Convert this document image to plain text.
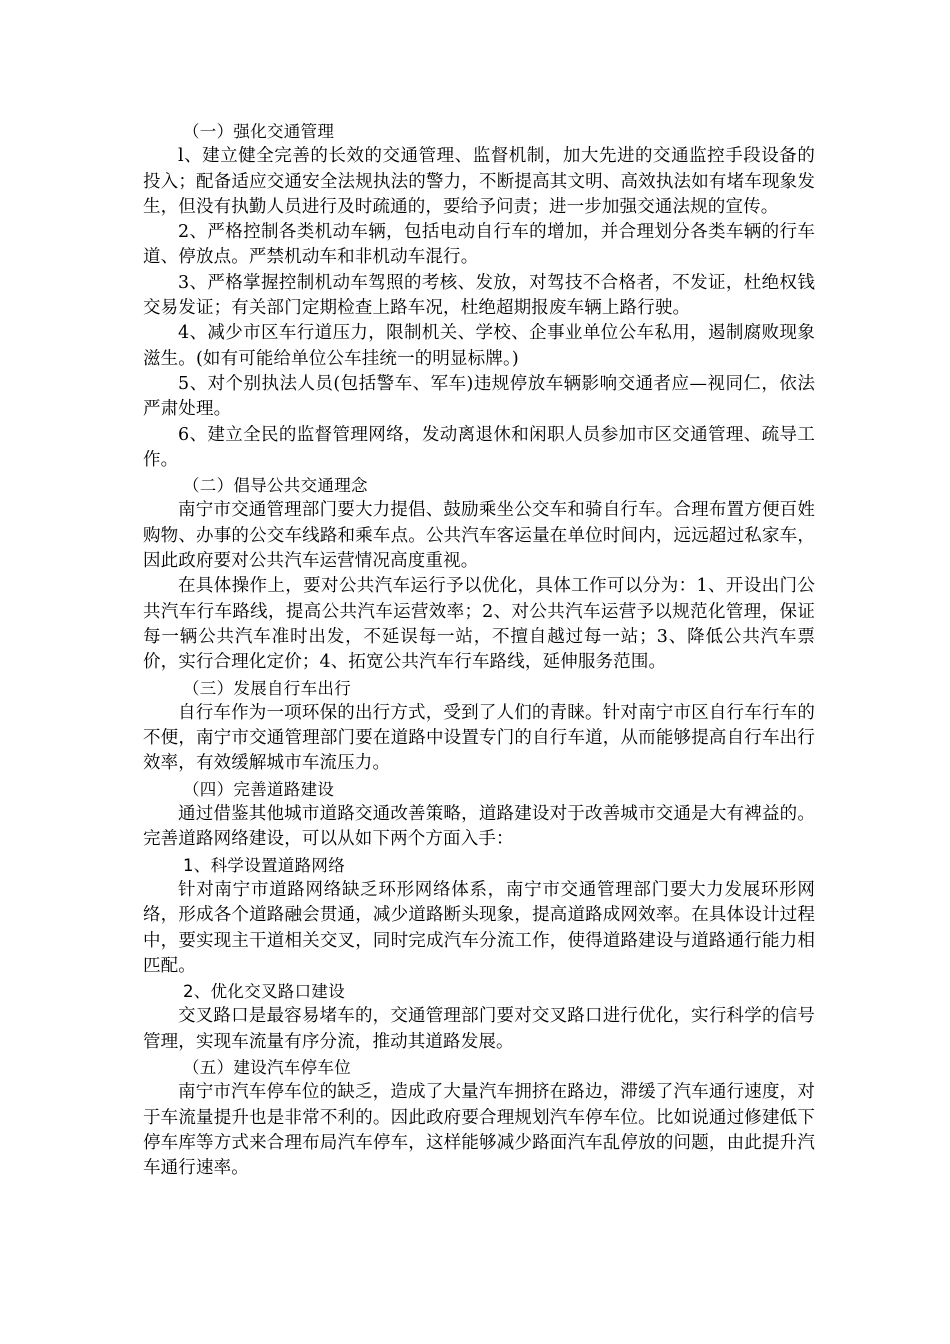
（一）强化交通管理

l、建立健全完善的长效的交通管理、监督机制，加大先进的交通监控手段设备的投入；配备适应交通安全法规执法的警力，不断提高其文明、高效执法如有堵车现象发生，但没有执勤人员进行及时疏通的，要给予问责；进一步加强交通法规的宣传。

2、严格控制各类机动车辆，包括电动自行车的增加，并合理划分各类车辆的行车道、停放点。严禁机动车和非机动车混行。

3、严格掌握控制机动车驾照的考核、发放，对驾技不合格者，不发证，杜绝权钱交易发证；有关部门定期检查上路车况，杜绝超期报废车辆上路行驶。

4、减少市区车行道压力，限制机关、学校、企事业单位公车私用，遏制腐败现象滋生。(如有可能给单位公车挂统一的明显标牌。)

5、对个别执法人员(包括警车、军车)违规停放车辆影响交通者应—视同仁，依法严肃处理。

6、建立全民的监督管理网络，发动离退休和闲职人员参加市区交通管理、疏导工作。

（二）倡导公共交通理念

南宁市交通管理部门要大力提倡、鼓励乘坐公交车和骑自行车。合理布置方便百姓购物、办事的公交车线路和乘车点。公共汽车客运量在单位时间内，远远超过私家车，因此政府要对公共汽车运营情况高度重视。

在具体操作上，要对公共汽车运行予以优化，具体工作可以分为：1、开设出门公共汽车行车路线，提高公共汽车运营效率；2、对公共汽车运营予以规范化管理，保证每一辆公共汽车准时出发，不延误每一站，不擅自越过每一站；3、降低公共汽车票价，实行合理化定价；4、拓宽公共汽车行车路线，延伸服务范围。

（三）发展自行车出行

自行车作为一项环保的出行方式，受到了人们的青睐。针对南宁市区自行车行车的不便，南宁市交通管理部门要在道路中设置专门的自行车道，从而能够提高自行车出行效率，有效缓解城市车流压力。

（四）完善道路建设

通过借鉴其他城市道路交通改善策略，道路建设对于改善城市交通是大有裨益的。完善道路网络建设，可以从如下两个方面入手：

1、科学设置道路网络

针对南宁市道路网络缺乏环形网络体系，南宁市交通管理部门要大力发展环形网络，形成各个道路融会贯通，减少道路断头现象，提高道路成网效率。在具体设计过程中，要实现主干道相关交叉，同时完成汽车分流工作，使得道路建设与道路通行能力相匹配。

2、优化交叉路口建设

交叉路口是最容易堵车的，交通管理部门要对交叉路口进行优化，实行科学的信号管理，实现车流量有序分流，推动其道路发展。

（五）建设汽车停车位

南宁市汽车停车位的缺乏，造成了大量汽车拥挤在路边，滞缓了汽车通行速度，对于车流量提升也是非常不利的。因此政府要合理规划汽车停车位。比如说通过修建低下停车库等方式来合理布局汽车停车，这样能够减少路面汽车乱停放的问题，由此提升汽车通行速率。
